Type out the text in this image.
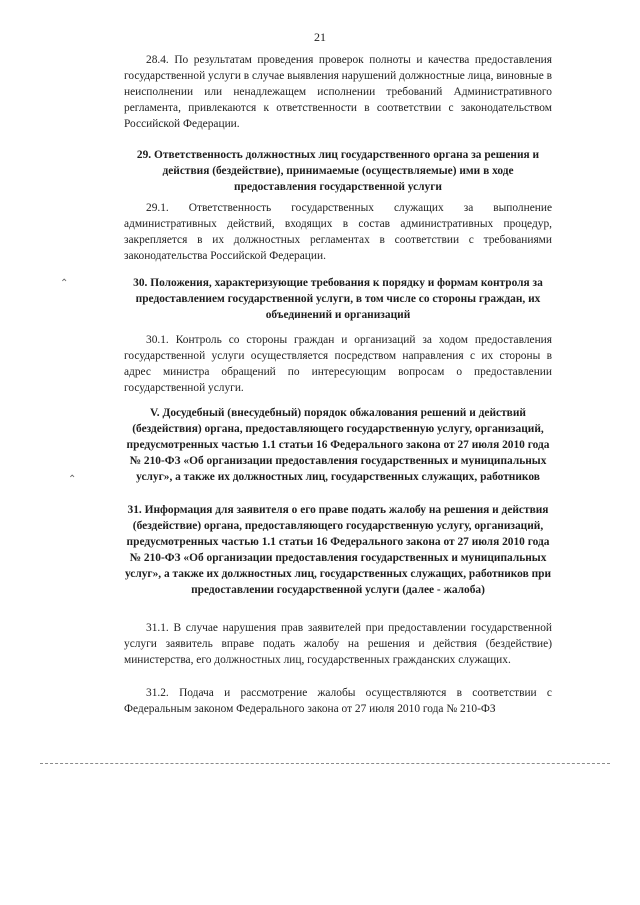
21

28.4. По результатам проведения проверок полноты и качества предоставления государственной услуги в случае выявления нарушений должностные лица, виновные в неисполнении или ненадлежащем исполнении требований Административного регламента, привлекаются к ответственности в соответствии с законодательством Российской Федерации.

29. Ответственность должностных лиц государственного органа за решения и действия (бездействие), принимаемые (осуществляемые) ими в ходе предоставления государственной услуги

29.1. Ответственность государственных служащих за выполнение административных действий, входящих в состав административных процедур, закрепляется в их должностных регламентах в соответствии с требованиями законодательства Российской Федерации.

30. Положения, характеризующие требования к порядку и формам контроля за предоставлением государственной услуги, в том числе со стороны граждан, их объединений и организаций

30.1. Контроль со стороны граждан и организаций за ходом предоставления государственной услуги осуществляется посредством направления с их стороны в адрес министра обращений по интересующим вопросам о предоставлении государственной услуги.

V. Досудебный (внесудебный) порядок обжалования решений и действий (бездействия) органа, предоставляющего государственную услугу, организаций, предусмотренных частью 1.1 статьи 16 Федерального закона от 27 июля 2010 года № 210-ФЗ «Об организации предоставления государственных и муниципальных услуг», а также их должностных лиц, государственных служащих, работников

31. Информация для заявителя о его праве подать жалобу на решения и действия (бездействие) органа, предоставляющего государственную услугу, организаций, предусмотренных частью 1.1 статьи 16 Федерального закона от 27 июля 2010 года № 210-ФЗ «Об организации предоставления государственных и муниципальных услуг», а также их должностных лиц, государственных служащих, работников при предоставлении государственной услуги (далее - жалоба)

31.1. В случае нарушения прав заявителей при предоставлении государственной услуги заявитель вправе подать жалобу на решения и действия (бездействие) министерства, его должностных лиц, государственных гражданских служащих.

31.2. Подача и рассмотрение жалобы осуществляются в соответствии с Федеральным законом Федерального закона от 27 июля 2010 года № 210-ФЗ

⌃
⌃
